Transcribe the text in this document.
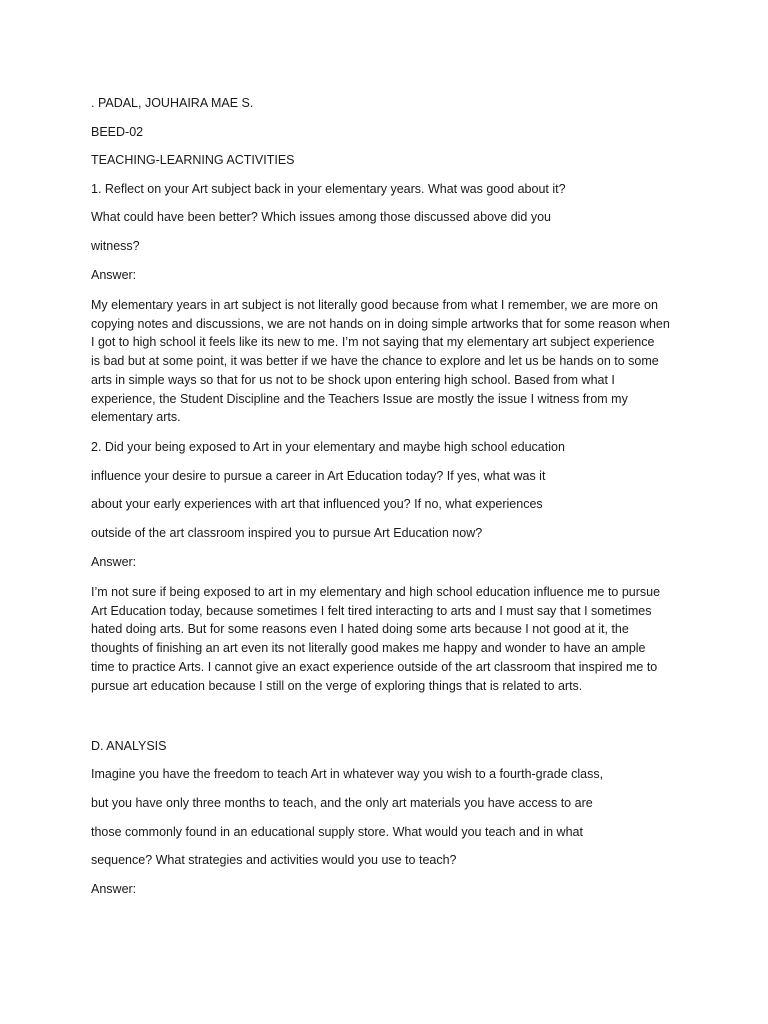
. PADAL, JOUHAIRA MAE S.

BEED-02

TEACHING-LEARNING ACTIVITIES

1. Reflect on your Art subject back in your elementary years. What was good about it?

What could have been better? Which issues among those discussed above did you

witness?

Answer:

My elementary years in art subject is not literally good because from what I remember, we are more on
copying notes and discussions, we are not hands on in doing simple artworks that for some reason when
I got to high school it feels like its new to me. I’m not saying that my elementary art subject experience
is bad but at some point, it was better if we have the chance to explore and let us be hands on to some
arts in simple ways so that for us not to be shock upon entering high school. Based from what I
experience, the Student Discipline and the Teachers Issue are mostly the issue I witness from my
elementary arts.

2. Did your being exposed to Art in your elementary and maybe high school education

influence your desire to pursue a career in Art Education today? If yes, what was it

about your early experiences with art that influenced you? If no, what experiences

outside of the art classroom inspired you to pursue Art Education now?

Answer:

I’m not sure if being exposed to art in my elementary and high school education influence me to pursue
Art Education today, because sometimes I felt tired interacting to arts and I must say that I sometimes
hated doing arts. But for some reasons even I hated doing some arts because I not good at it, the
thoughts of finishing an art even its not literally good makes me happy and wonder to have an ample
time to practice Arts. I cannot give an exact experience outside of the art classroom that inspired me to
pursue art education because I still on the verge of exploring things that is related to arts.

D. ANALYSIS

Imagine you have the freedom to teach Art in whatever way you wish to a fourth-grade class,

but you have only three months to teach, and the only art materials you have access to are

those commonly found in an educational supply store. What would you teach and in what

sequence? What strategies and activities would you use to teach?

Answer:
